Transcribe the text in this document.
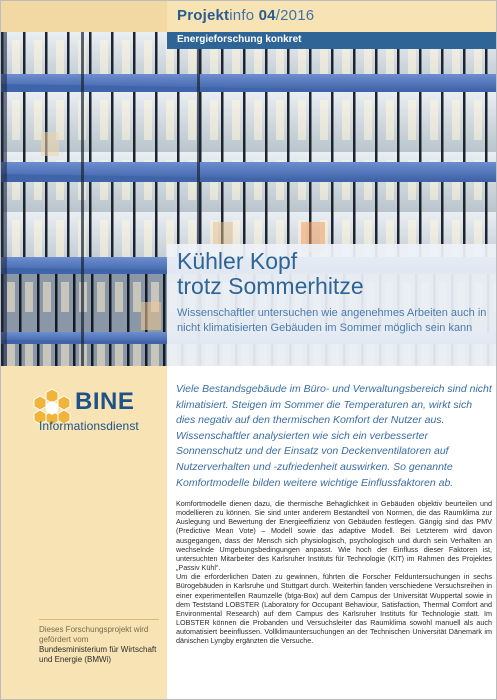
Projektinfo 04/2016
Energieforschung konkret
Kühler Kopf
trotz Sommerhitze
Wissenschaftler untersuchen wie angenehmes Arbeiten auch in nicht klimatisierten Gebäuden im Sommer möglich sein kann
BINE
Informationsdienst
Dieses Forschungsprojekt wird gefördert vom
Bundesministerium für Wirtschaft und Energie (BMWi)
Viele Bestandsgebäude im Büro- und Verwaltungsbereich sind nicht klimatisiert. Steigen im Sommer die Temperaturen an, wirkt sich dies negativ auf den thermischen Komfort der Nutzer aus. Wissenschaftler analysierten wie sich ein verbesserter Sonnenschutz und der Einsatz von Deckenventilatoren auf Nutzerverhalten und -zufriedenheit auswirken. So genannte Komfortmodelle bilden weitere wichtige Einflussfaktoren ab.

Komfortmodelle dienen dazu, die thermische Behaglichkeit in Gebäuden objektiv beurteilen und modellieren zu können. Sie sind unter anderem Bestandteil von Normen, die das Raumklima zur Auslegung und Bewertung der Energieeffizienz von Gebäuden festlegen. Gängig sind das PMV (Predictive Mean Vote) – Modell sowie das adaptive Modell. Bei Letzterem wird davon ausgegangen, dass der Mensch sich physiologisch, psychologisch und durch sein Verhalten an wechselnde Umgebungsbedingungen anpasst. Wie hoch der Einfluss dieser Faktoren ist, untersuchten Mitarbeiter des Karlsruher Instituts für Technologie (KIT) im Rahmen des Projektes „Passiv Kühl“.

Um die erforderlichen Daten zu gewinnen, führten die Forscher Felduntersuchungen in sechs Bürogebäuden in Karlsruhe und Stuttgart durch. Weiterhin fanden verschiedene Versuchsreihen in einer experimentellen Raumzelle (btga-Box) auf dem Campus der Universität Wuppertal sowie in dem Teststand LOBSTER (Laboratory for Occupant Behaviour, Satisfaction, Thermal Comfort and Environmental Research) auf dem Campus des Karlsruher Instituts für Technologie statt. Im LOBSTER können die Probanden und Versuchsleiter das Raumklima sowohl manuell als auch automatisiert beeinflussen. Vollklimauntersuchungen an der Technischen Universität Dänemark im dänischen Lyngby ergänzten die Versuche.
